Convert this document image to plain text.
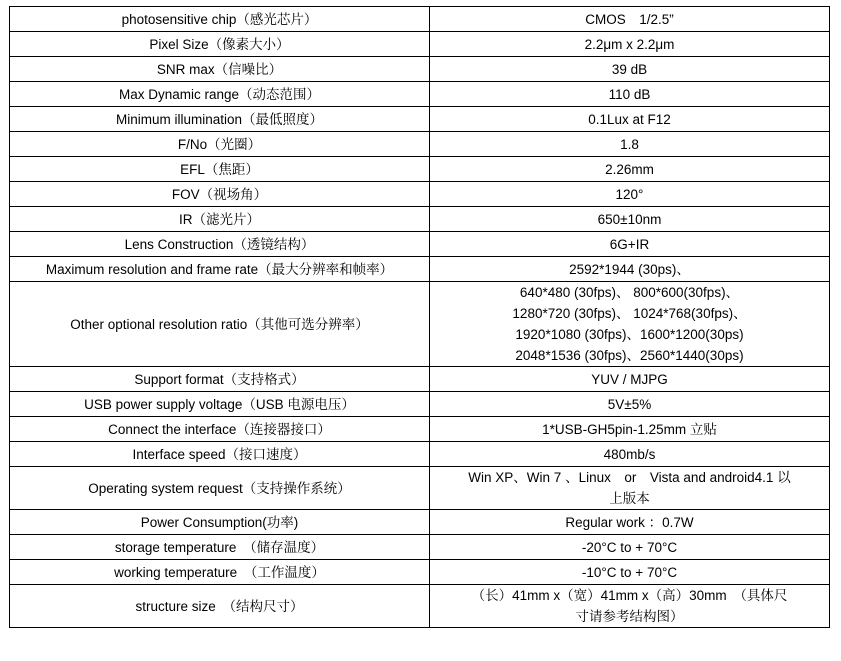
photosensitive chip（感光芯片）	CMOS　1/2.5”
Pixel Size（像素大小）	2.2μm x 2.2μm
SNR max（信噪比）	39 dB
Max Dynamic range（动态范围）	110 dB
Minimum illumination（最低照度）	0.1Lux at F12
F/No（光圈）	1.8
EFL（焦距）	2.26mm
FOV（视场角）	120°
IR（滤光片）	650±10nm
Lens Construction（透镜结构）	6G+IR
Maximum resolution and frame rate（最大分辨率和帧率）	2592*1944 (30ps)、
Other optional resolution ratio（其他可选分辨率）	640*480 (30fps)、 800*600(30fps)、
1280*720 (30fps)、 1024*768(30fps)、
1920*1080 (30fps)、1600*1200(30ps)
2048*1536 (30fps)、2560*1440(30ps)

Support format（支持格式）	YUV / MJPG
USB power supply voltage（USB 电源电压）	5V±5%
Connect the interface（连接器接口）	1*USB-GH5pin-1.25mm 立贴
Interface speed（接口速度）	480mb/s
Operating system request（支持操作系统）	Win XP、Win 7 、Linux　or　Vista and android4.1 以
上版本

Power Consumption(功率)	Regular work ：0.7W
storage temperature　（储存温度）	-20°C to + 70°C
working temperature　（工作温度）	-10°C to + 70°C
structure size　（结构尺寸）	（长）41mm x（宽）41mm x（高）30mm　（具体尺
寸请参考结构图）
